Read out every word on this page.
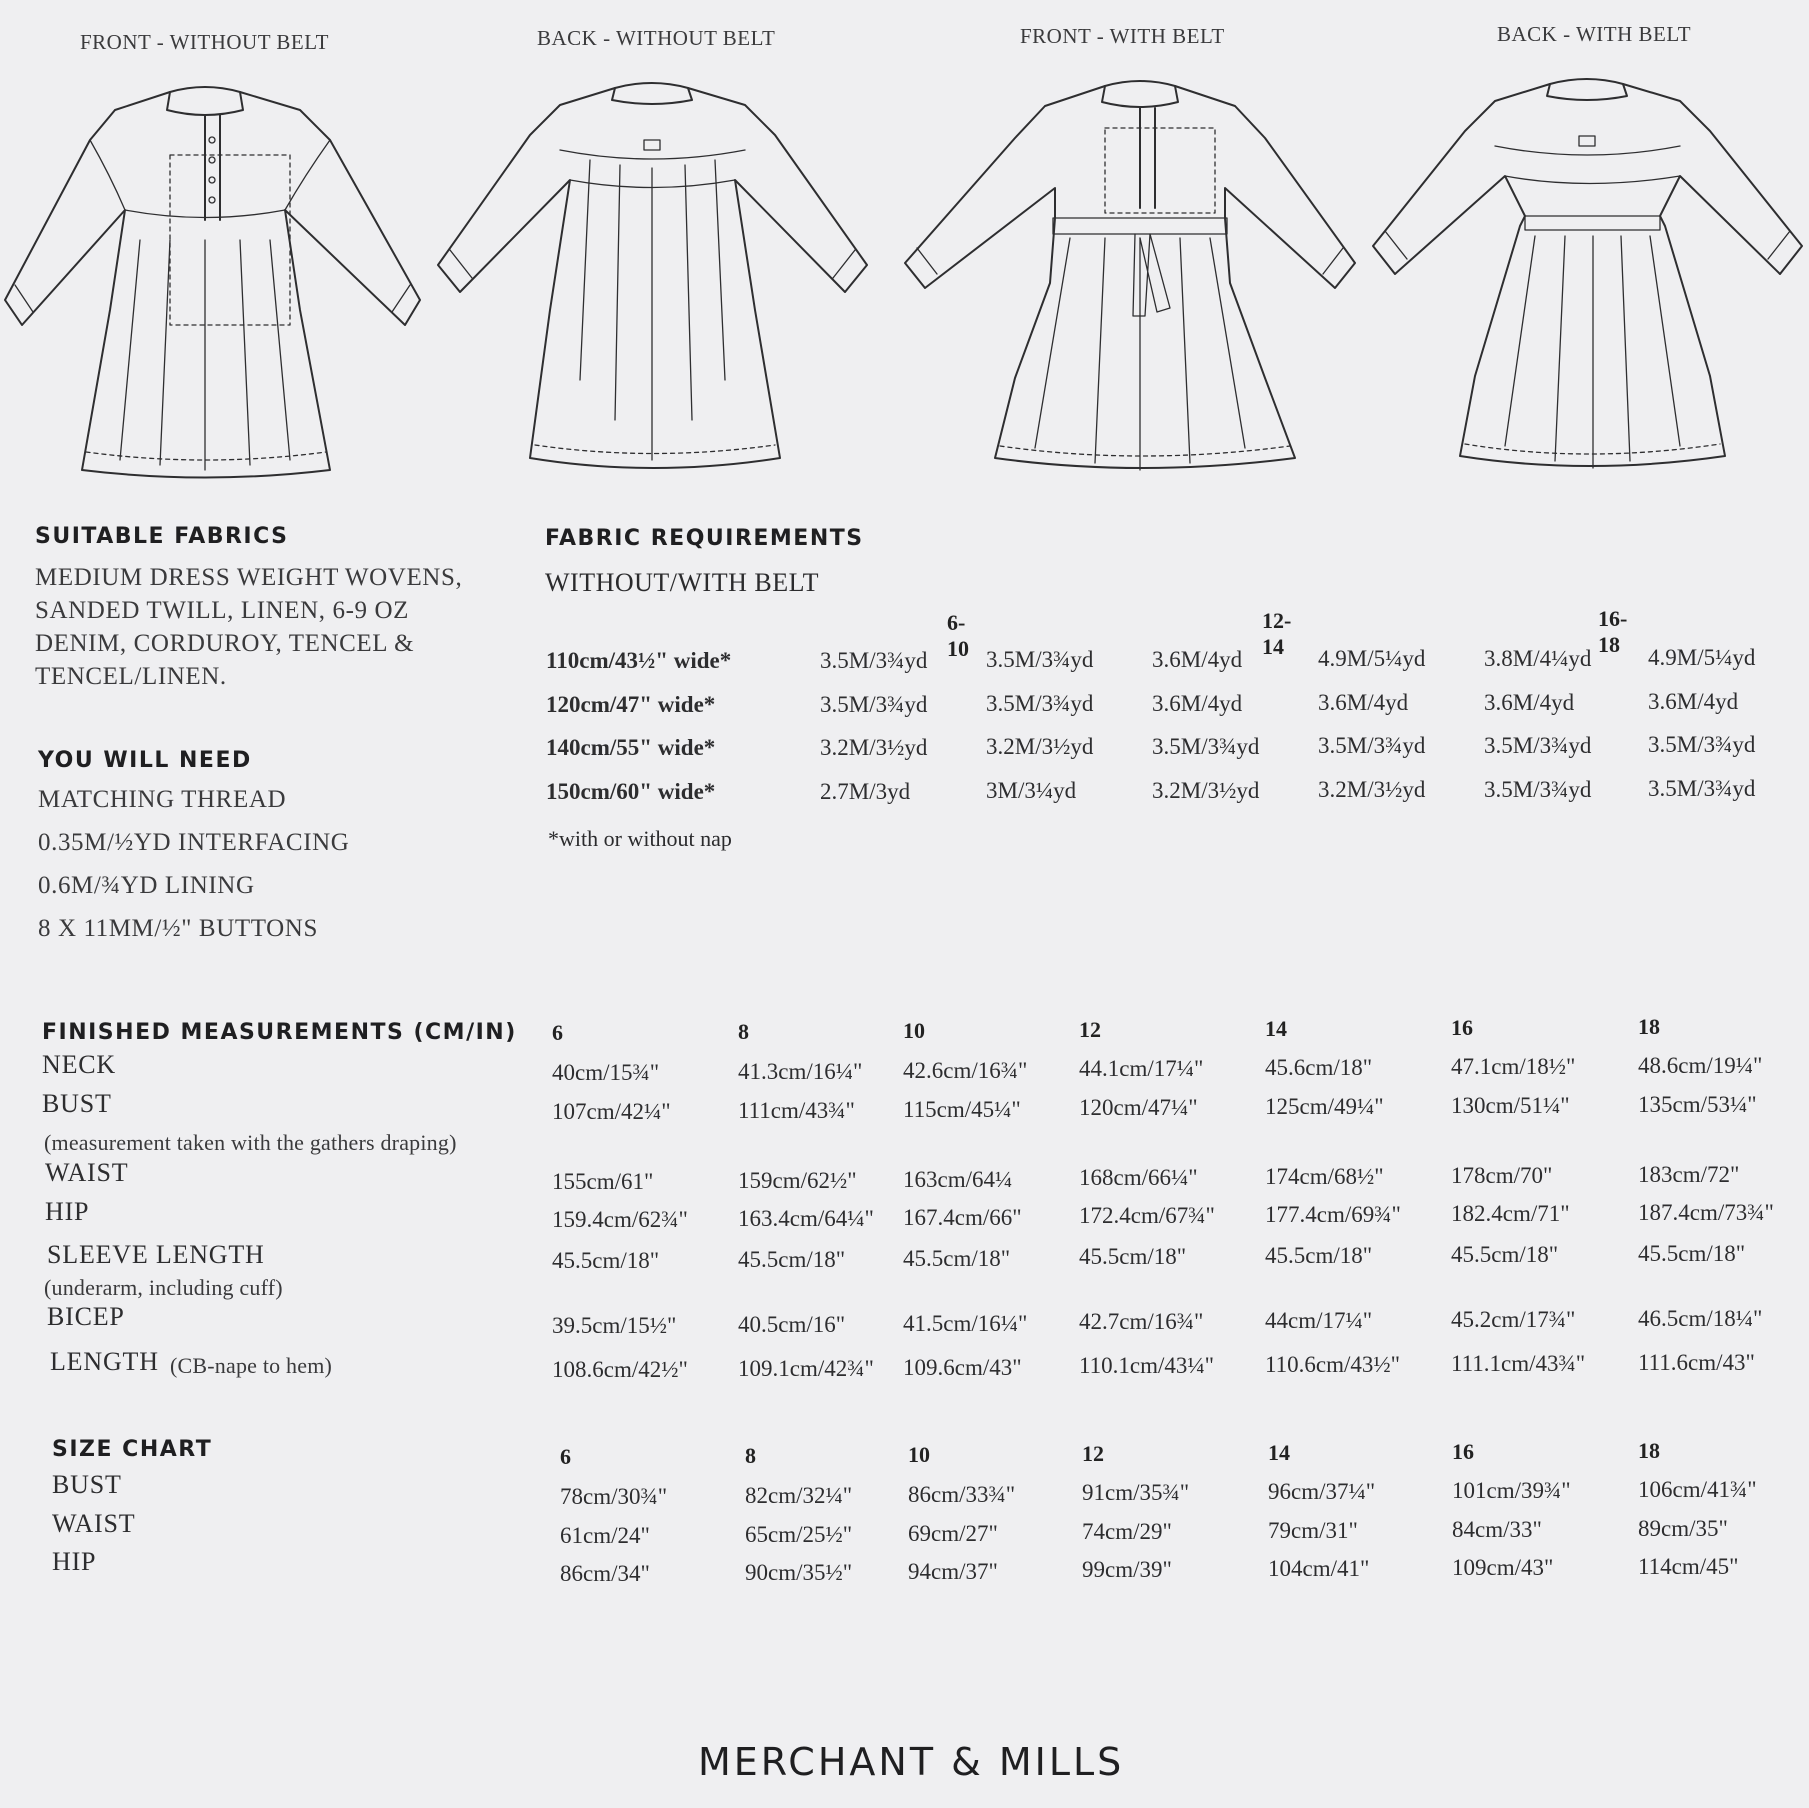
FRONT - WITHOUT BELT	BACK - WITHOUT BELT	FRONT - WITH BELT	BACK - WITH BELT
SUITABLE FABRICS
MEDIUM DRESS WEIGHT WOVENS,
SANDED TWILL, LINEN, 6-9 OZ
DENIM, CORDUROY, TENCEL &
TENCEL/LINEN.
YOU WILL NEED
MATCHING THREAD
0.35M/½YD INTERFACING
0.6M/¾YD LINING
8 X 11MM/½" BUTTONS
FABRIC REQUIREMENTS
WITHOUT/WITH BELT
6-10
12-14
16-18
110cm/43½" wide*	3.5M/3¾yd	3.5M/3¾yd	3.6M/4yd	4.9M/5¼yd	3.8M/4¼yd 4.9M/5¼yd
120cm/47" wide*	3.5M/3¾yd	3.5M/3¾yd	3.6M/4yd	3.6M/4yd	3.6M/4yd	3.6M/4yd
140cm/55" wide*	3.2M/3½yd	3.2M/3½yd	3.5M/3¾yd	3.5M/3¾yd	3.5M/3¾yd 3.5M/3¾yd
150cm/60" wide*	2.7M/3yd	3M/3¼yd	3.2M/3½yd	3.2M/3½yd	3.5M/3¾yd 3.5M/3¾yd
*with or without nap
FINISHED MEASUREMENTS (CM/IN) 6	8	10	12	14	16	18
NECK	40cm/15¾"	41.3cm/16¼" 42.6cm/16¾" 44.1cm/17¼"	45.6cm/18"	47.1cm/18½"	48.6cm/19¼"
BUST
(measurement taken with the gathers draping)
107cm/42¼"	111cm/43¾" 115cm/45¼"	120cm/47¼"	125cm/49¼"	130cm/51¼"	135cm/53¼"
WAIST	155cm/61"	159cm/62½" 163cm/64¼	168cm/66¼"	174cm/68½"	178cm/70"	183cm/72"
HIP	159.4cm/62¾" 163.4cm/64¼" 167.4cm/66" 172.4cm/67¾" 177.4cm/69¾" 182.4cm/71"	187.4cm/73¾"
SLEEVE LENGTH
(underarm, including cuff)
45.5cm/18"	45.5cm/18"	45.5cm/18"	45.5cm/18"	45.5cm/18"	45.5cm/18"	45.5cm/18"
BICEP	39.5cm/15½"	40.5cm/16"	41.5cm/16¼" 42.7cm/16¾"	44cm/17¼"	45.2cm/17¾"	46.5cm/18¼"
LENGTH (CB-nape to hem)	108.6cm/42½" 109.1cm/42¾" 109.6cm/43" 110.1cm/43¼" 110.6cm/43½" 111.1cm/43¾" 111.6cm/43"
SIZE CHART	6	8	10	12	14	16	18
BUST	78cm/30¾"	82cm/32¼" 86cm/33¾"	91cm/35¾"	96cm/37¼"	101cm/39¾"	106cm/41¾"
WAIST	61cm/24"	65cm/25½" 69cm/27"	74cm/29"	79cm/31"	84cm/33"	89cm/35"
HIP	86cm/34"	90cm/35½" 94cm/37"	99cm/39"	104cm/41"	109cm/43"	114cm/45"
MERCHANT & MILLS
